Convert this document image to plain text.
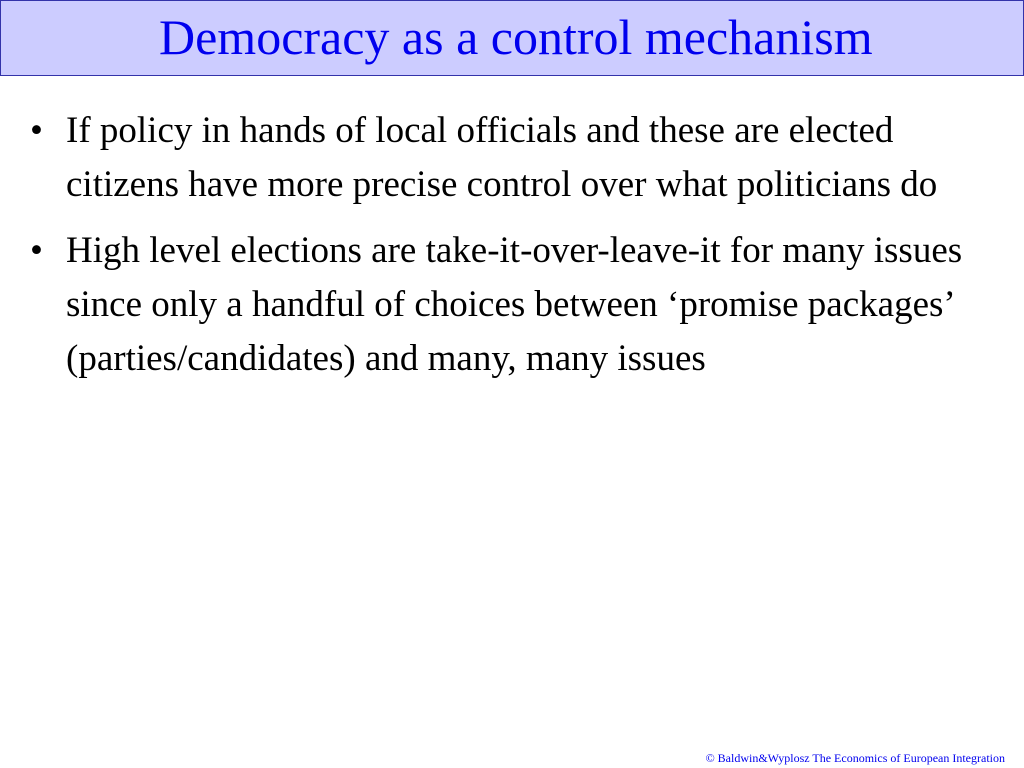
Democracy as a control mechanism
• If policy in hands of local officials and these are elected citizens have more precise control over what politicians do
• High level elections are take-it-over-leave-it for many issues since only a handful of choices between ‘promise packages’ (parties/candidates) and many, many issues
© Baldwin&Wyplosz The Economics of European Integration
